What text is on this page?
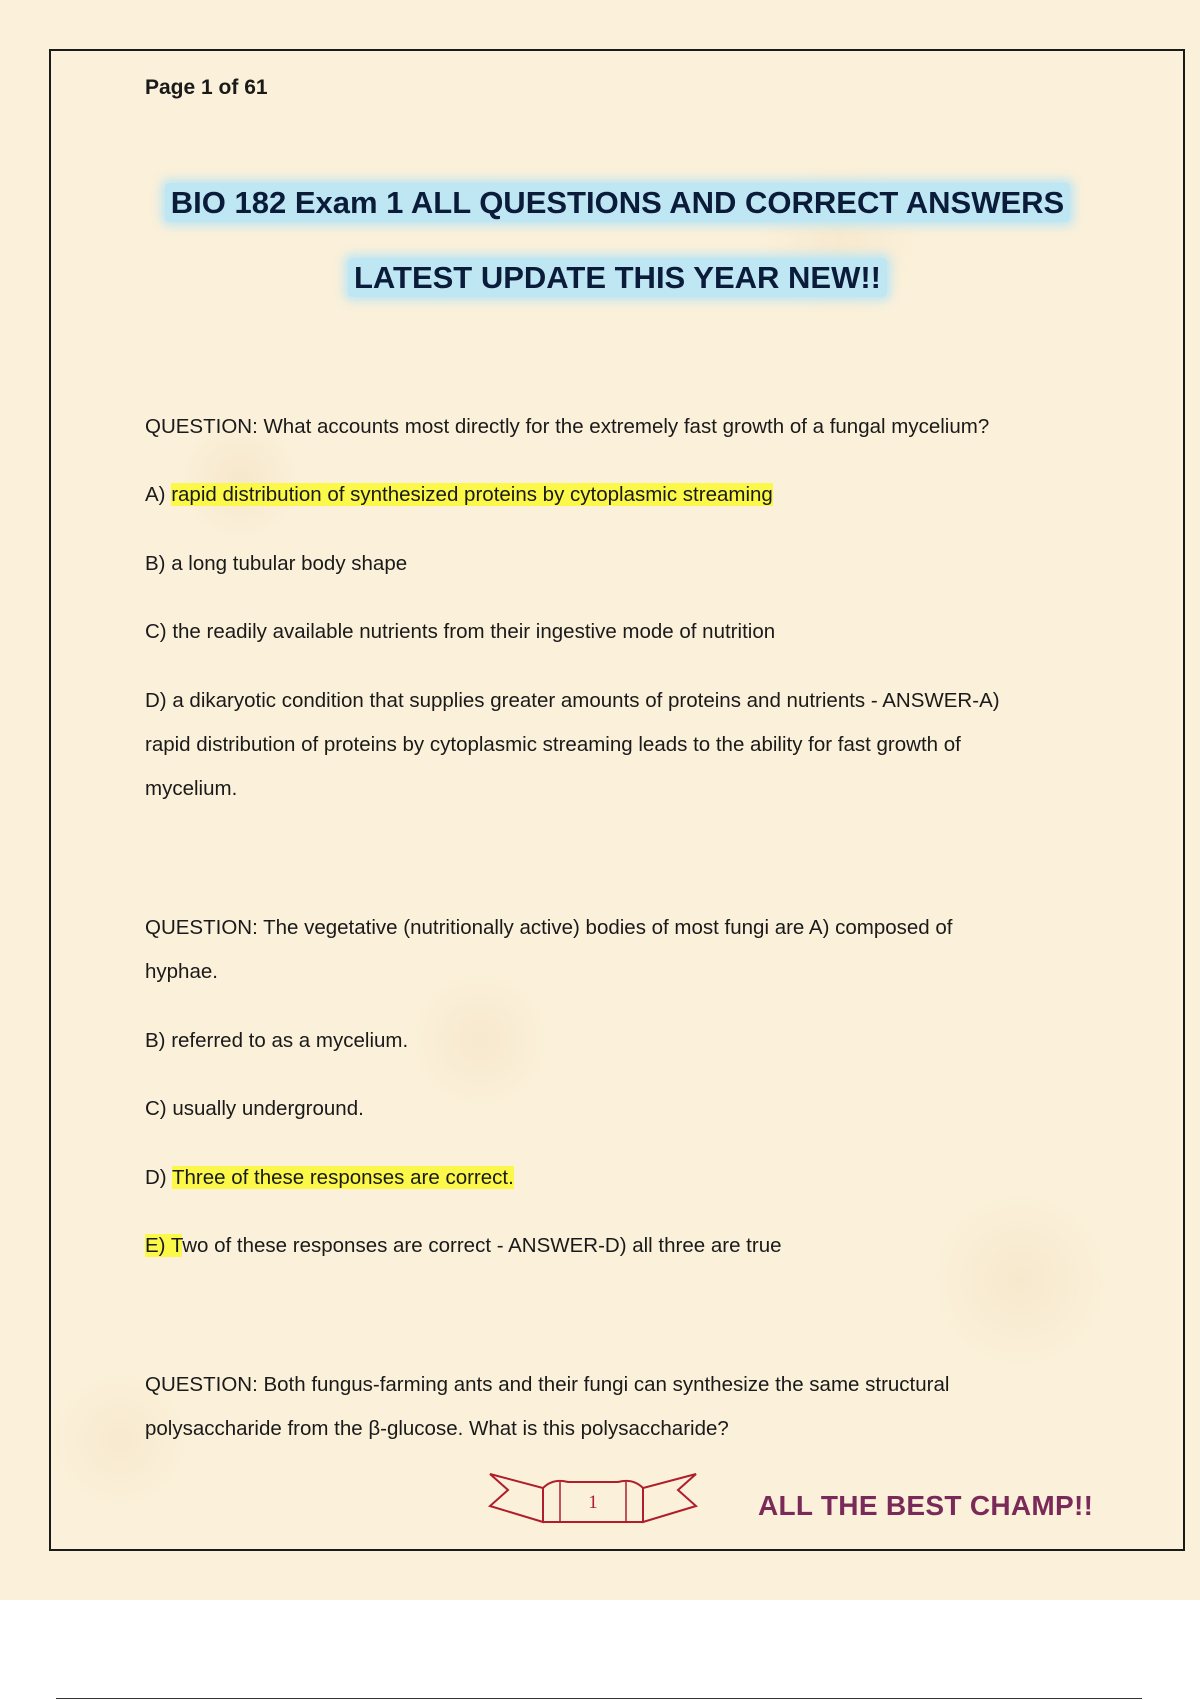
Page 1 of 61
BIO 182 Exam 1 ALL QUESTIONS AND CORRECT ANSWERS
LATEST UPDATE THIS YEAR NEW!!
QUESTION: What accounts most directly for the extremely fast growth of a fungal mycelium?
A) rapid distribution of synthesized proteins by cytoplasmic streaming
B) a long tubular body shape
C) the readily available nutrients from their ingestive mode of nutrition
D) a dikaryotic condition that supplies greater amounts of proteins and nutrients - ANSWER-A)
rapid distribution of proteins by cytoplasmic streaming leads to the ability for fast growth of
mycelium.
QUESTION: The vegetative (nutritionally active) bodies of most fungi are A) composed of
hyphae.
B) referred to as a mycelium.
C) usually underground.
D) Three of these responses are correct.
E) Two of these responses are correct - ANSWER-D) all three are true
QUESTION: Both fungus-farming ants and their fungi can synthesize the same structural
polysaccharide from the β-glucose. What is this polysaccharide?
1	ALL THE BEST CHAMP!!
